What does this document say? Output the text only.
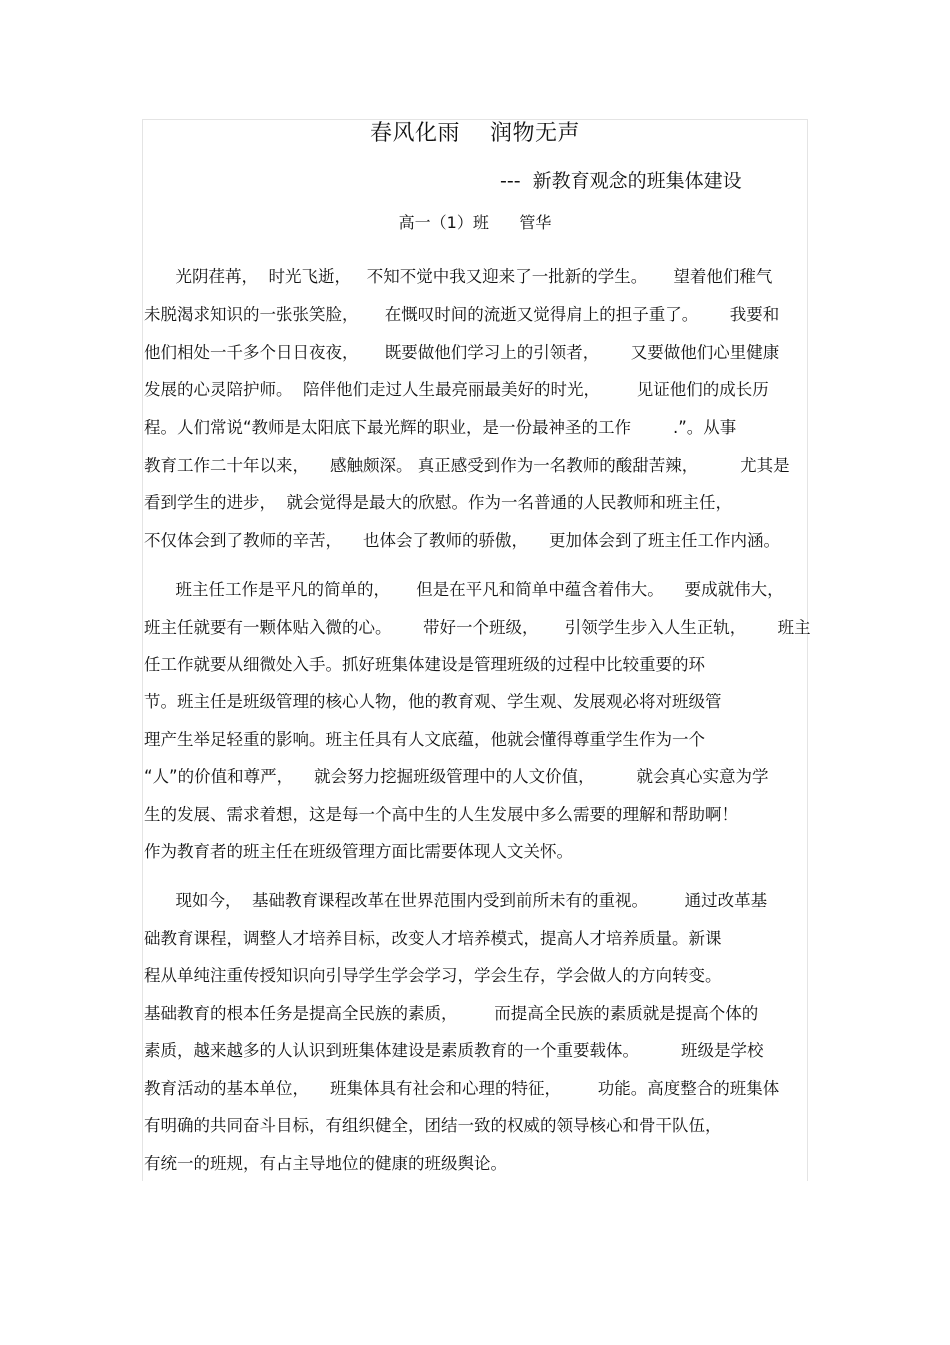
春风化雨    润物无声
---  新教育观念的班集体建设
高一（1）班      管华
光阴荏苒，  时光飞逝，   不知不觉中我又迎来了一批新的学生。     望着他们稚气
未脱渴求知识的一张张笑脸，     在慨叹时间的流逝又觉得肩上的担子重了。      我要和
他们相处一千多个日日夜夜，     既要做他们学习上的引领者，      又要做他们心里健康
发展的心灵陪护师。  陪伴他们走过人生最亮丽最美好的时光，       见证他们的成长历
程。人们常说“教师是太阳底下最光辉的职业，是一份最神圣的工作        .”。从事
教育工作二十年以来，    感触颇深。 真正感受到作为一名教师的酸甜苦辣，        尤其是
看到学生的进步，  就会觉得是最大的欣慰。作为一名普通的人民教师和班主任，
不仅体会到了教师的辛苦，    也体会了教师的骄傲，    更加体会到了班主任工作内涵。
班主任工作是平凡的简单的，     但是在平凡和简单中蕴含着伟大。    要成就伟大，
班主任就要有一颗体贴入微的心。      带好一个班级，     引领学生步入人生正轨，      班主
任工作就要从细微处入手。抓好班集体建设是管理班级的过程中比较重要的环
节。班主任是班级管理的核心人物，他的教育观、学生观、发展观必将对班级管
理产生举足轻重的影响。班主任具有人文底蕴，他就会懂得尊重学生作为一个
“人”的价值和尊严，    就会努力挖掘班级管理中的人文价值，        就会真心实意为学
生的发展、需求着想，这是每一个高中生的人生发展中多么需要的理解和帮助啊！
作为教育者的班主任在班级管理方面比需要体现人文关怀。
现如今，  基础教育课程改革在世界范围内受到前所未有的重视。       通过改革基
础教育课程，调整人才培养目标，改变人才培养模式，提高人才培养质量。新课
程从单纯注重传授知识向引导学生学会学习，学会生存，学会做人的方向转变。
基础教育的根本任务是提高全民族的素质，       而提高全民族的素质就是提高个体的
素质，越来越多的人认识到班集体建设是素质教育的一个重要载体。        班级是学校
教育活动的基本单位，    班集体具有社会和心理的特征，       功能。高度整合的班集体
有明确的共同奋斗目标，有组织健全，团结一致的权威的领导核心和骨干队伍，
有统一的班规，有占主导地位的健康的班级舆论。
